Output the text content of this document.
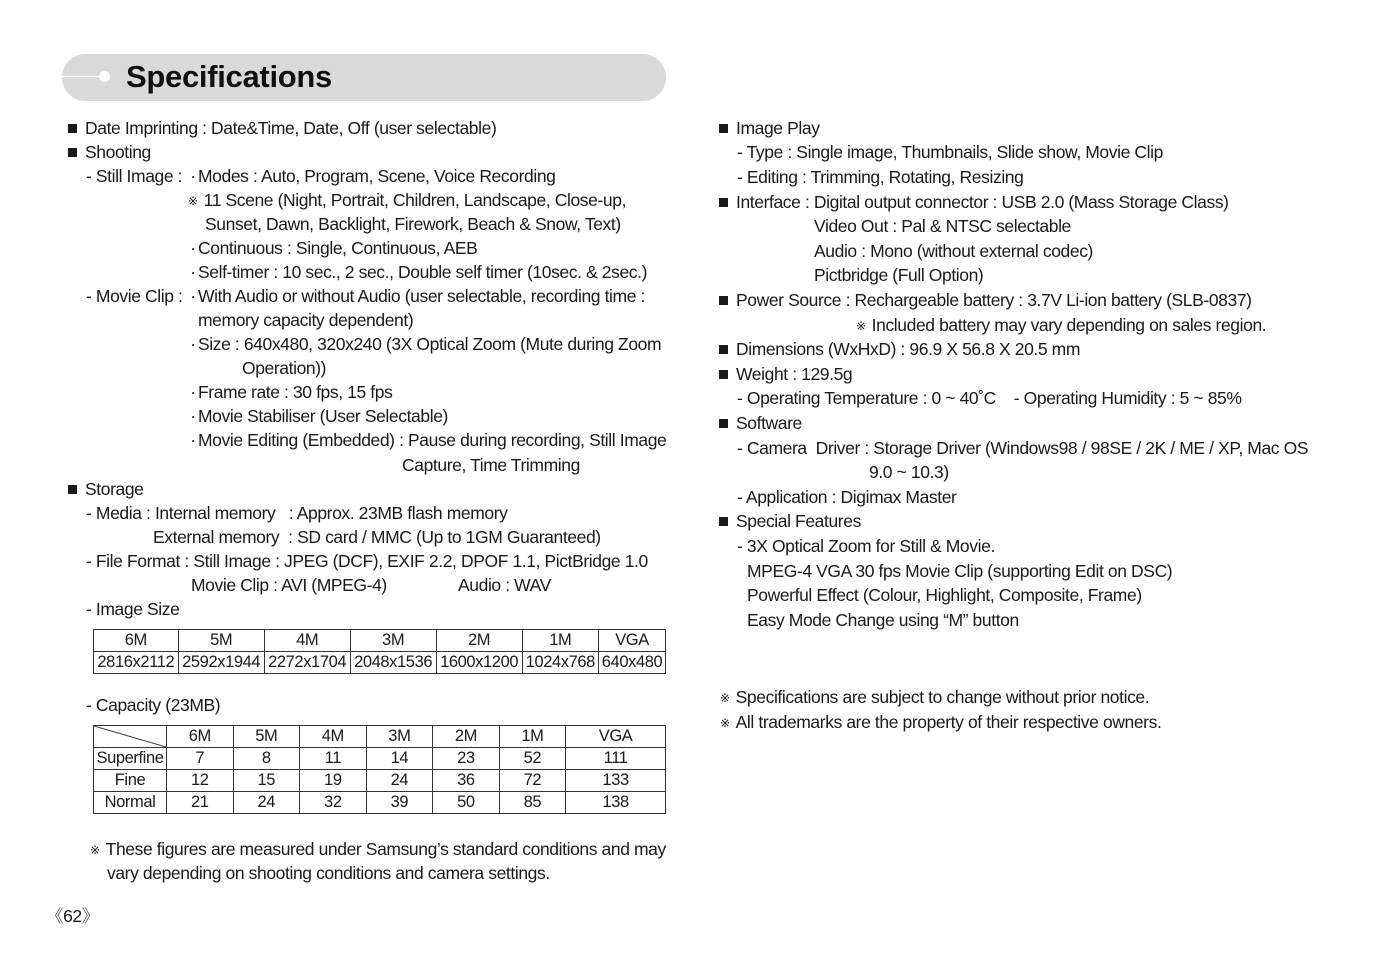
Specifications
Date Imprinting : Date&Time, Date, Off (user selectable)
Shooting
- Still Image : · Modes : Auto, Program, Scene, Voice Recording
※ 11 Scene (Night, Portrait, Children, Landscape, Close-up,
Sunset, Dawn, Backlight, Firework, Beach & Snow, Text)
· Continuous : Single, Continuous, AEB
· Self-timer : 10 sec., 2 sec., Double self timer (10sec. & 2sec.)
- Movie Clip : · With Audio or without Audio (user selectable, recording time :
memory capacity dependent)
· Size : 640x480, 320x240 (3X Optical Zoom (Mute during Zoom
Operation))
· Frame rate : 30 fps, 15 fps
· Movie Stabiliser (User Selectable)
· Movie Editing (Embedded) : Pause during recording, Still Image
Capture, Time Trimming
Storage
- Media : Internal memory   : Approx. 23MB flash memory
External memory  : SD card / MMC (Up to 1GM Guaranteed)
- File Format : Still Image : JPEG (DCF), EXIF 2.2, DPOF 1.1, PictBridge 1.0
Movie Clip : AVI (MPEG-4)	Audio : WAV
- Image Size
6M	5M	4M	3M	2M	1M	VGA
2816x2112	2592x1944	2272x1704	2048x1536	1600x1200	1024x768	640x480
- Capacity (23MB)
	6M	5M	4M	3M	2M	1M	VGA
Superfine	7	8	11	14	23	52	111
Fine	12	15	19	24	36	72	133
Normal	21	24	32	39	50	85	138
※ These figures are measured under Samsung’s standard conditions and may
vary depending on shooting conditions and camera settings.
《62》
Image Play
- Type : Single image, Thumbnails, Slide show, Movie Clip
- Editing : Trimming, Rotating, Resizing
Interface : Digital output connector : USB 2.0 (Mass Storage Class)
Video Out : Pal & NTSC selectable
Audio : Mono (without external codec)
Pictbridge (Full Option)
Power Source : Rechargeable battery : 3.7V Li-ion battery (SLB-0837)
※ Included battery may vary depending on sales region.
Dimensions (WxHxD) : 96.9 X 56.8 X 20.5 mm
Weight : 129.5g
- Operating Temperature : 0 ~ 40˚C    - Operating Humidity : 5 ~ 85%
Software
- Camera  Driver : Storage Driver (Windows98 / 98SE / 2K / ME / XP, Mac OS
9.0 ~ 10.3)
- Application : Digimax Master
Special Features
- 3X Optical Zoom for Still & Movie.
MPEG-4 VGA 30 fps Movie Clip (supporting Edit on DSC)
Powerful Effect (Colour, Highlight, Composite, Frame)
Easy Mode Change using “M” button
※ Specifications are subject to change without prior notice.
※ All trademarks are the property of their respective owners.
